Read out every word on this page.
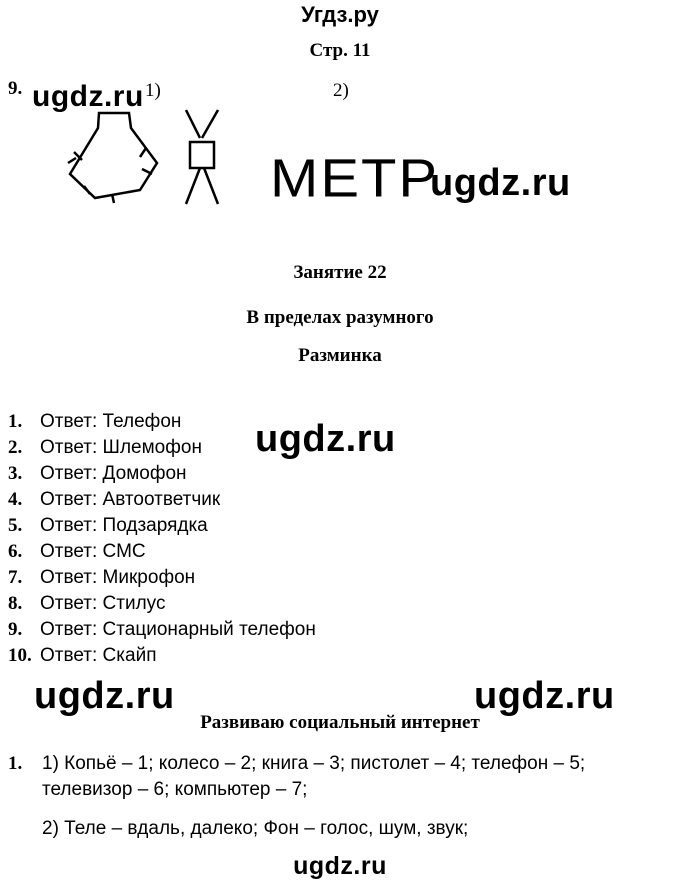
Угдз.ру
Стр. 11
9.	1)	2)
ugdz.ru
МЕТР
ugdz.ru
Занятие 22
В пределах разумного
Разминка
1. Ответ: Телефон
2. Ответ: Шлемофон
3. Ответ: Домофон
4. Ответ: Автоответчик
5. Ответ: Подзарядка
6. Ответ: СМС
7. Ответ: Микрофон
8. Ответ: Стилус
9. Ответ: Стационарный телефон
10. Ответ: Скайп
ugdz.ru
ugdz.ru	ugdz.ru
Развиваю социальный интернет
1. 1) Копьё – 1; колесо – 2; книга – 3; пистолет – 4; телефон – 5;
телевизор – 6; компьютер – 7;
2) Теле – вдаль, далеко; Фон – голос, шум, звук;
ugdz.ru
